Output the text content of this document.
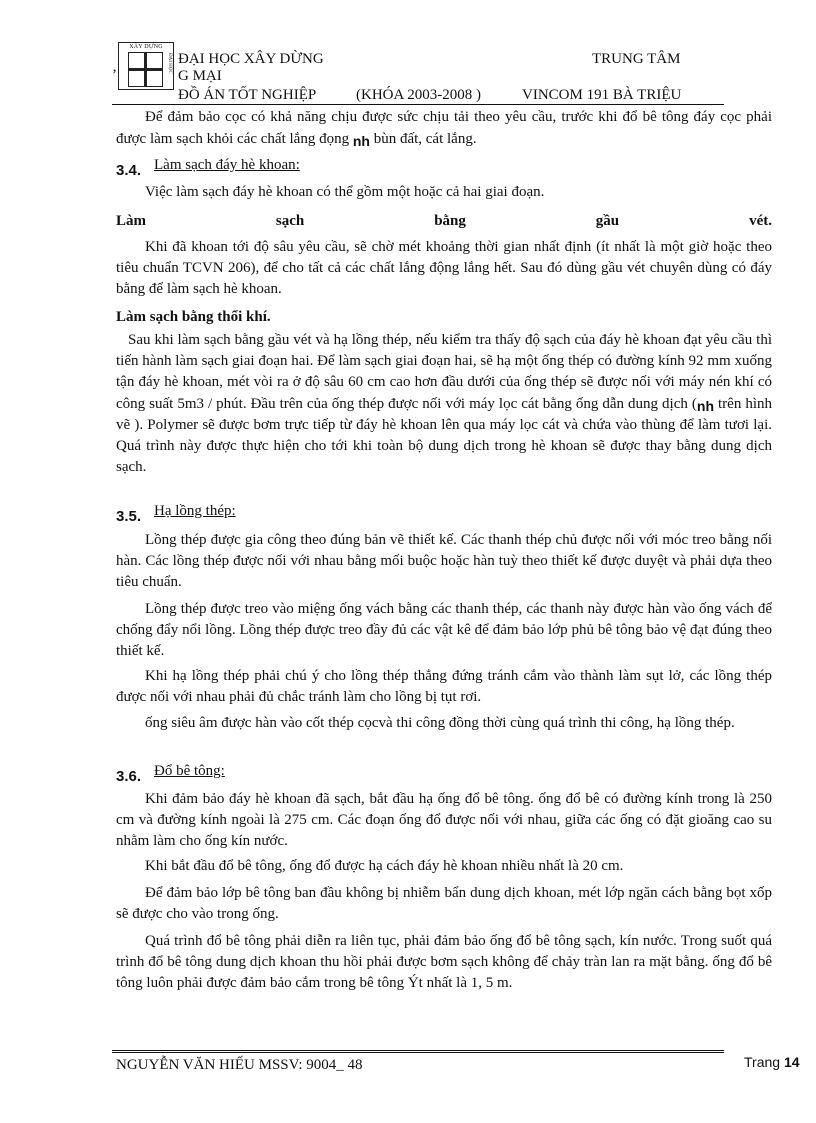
XÂY DỰNG
ĐẠI HỌC ĐẠI HỌC XÂY DỪNG	TRUNG TÂM
’	G MẠI
ĐỒ ÁN TỐT NGHIỆP	(KHÓA 2003-2008 )	VINCOM 191 BÀ TRIỆU
Để đảm bảo cọc có khả năng chịu được sức chịu tải theo yêu cầu, trước khi đổ bê tông đáy cọc phải được làm sạch khỏi các chất lắng đọng nh bùn đất, cát lắng.
3.4. Làm sạch đáy hè khoan:
Việc làm sạch đáy hè khoan có thể gồm một hoặc cả hai giai đoạn.
Làm	sạch	bằng	gầu	vét.
Khi đã khoan tới độ sâu yêu cầu, sẽ chờ mét khoảng thời gian nhất định (ít nhất là một giờ hoặc theo tiêu chuẩn TCVN 206), để cho tất cả các chất lắng động lắng hết. Sau đó dùng gầu vét chuyên dùng có đáy bằng để làm sạch hè khoan.
Làm sạch bằng thổi khí.
Sau khi làm sạch bằng gầu vét và hạ lồng thép, nếu kiểm tra thấy độ sạch của đáy hè khoan đạt yêu cầu thì tiến hành làm sạch giai đoạn hai. Để làm sạch giai đoạn hai, sẽ hạ một ống thép có đường kính 92 mm xuống tận đáy hè khoan, mét vòi ra ở độ sâu 60 cm cao hơn đầu dưới của ống thép sẽ được nối với máy nén khí có công suất 5m3 / phút. Đầu trên của ống thép được nối với máy lọc cát bằng ống dẫn dung dịch (nh trên hình vẽ ). Polymer sẽ được bơm trực tiếp từ đáy hè khoan lên qua máy lọc cát và chứa vào thùng để làm tươi lại. Quá trình này được thực hiện cho tới khi toàn bộ dung dịch trong hè khoan sẽ được thay bằng dung dịch sạch.
3.5. Hạ lồng thép:
Lồng thép được gia công theo đúng bản vẽ thiết kế. Các thanh thép chủ được nối với móc treo bằng nối hàn. Các lồng thép được nối với nhau bằng mối buộc hoặc hàn tuỳ theo thiết kế được duyệt và phải dựa theo tiêu chuẩn.
Lồng thép được treo vào miệng ống vách bằng các thanh thép, các thanh này được hàn vào ống vách để chống đẩy nổi lồng. Lồng thép được treo đầy đủ các vật kê để đảm bảo lớp phủ bê tông bảo vệ đạt đúng theo thiết kế.
Khi hạ lồng thép phải chú ý cho lồng thép thẳng đứng tránh cắm vào thành làm sụt lở, các lồng thép được nối với nhau phải đủ chắc tránh làm cho lồng bị tụt rơi.
ống siêu âm được hàn vào cốt thép cọcvà thi công đồng thời cùng quá trình thi công, hạ lồng thép.
3.6. Đổ bê tông:
Khi đảm bảo đáy hè khoan đã sạch, bắt đầu hạ ống đổ bê tông. ống đổ bê có đường kính trong là 250 cm và đường kính ngoài là 275 cm. Các đoạn ống đổ được nối với nhau, giữa các ống có đặt gioăng cao su nhằm làm cho ống kín nước.
Khi bắt đầu đổ bê tông, ống đổ được hạ cách đáy hè khoan nhiều nhất là 20 cm.
Để đảm bảo lớp bê tông ban đầu không bị nhiễm bẩn dung dịch khoan, mét lớp ngăn cách bằng bọt xốp sẽ được cho vào trong ống.
Quá trình đổ bê tông phải diễn ra liên tục, phải đảm bảo ống đổ bê tông sạch, kín nước. Trong suốt quá trình đổ bê tông dung dịch khoan thu hồi phải được bơm sạch không để chảy tràn lan ra mặt bằng. ống đổ bê tông luôn phải được đảm bảo cắm trong bê tông Ýt nhất là 1, 5 m.
NGUYỄN VĂN HIẾU MSSV: 9004_ 48	Trang 14
